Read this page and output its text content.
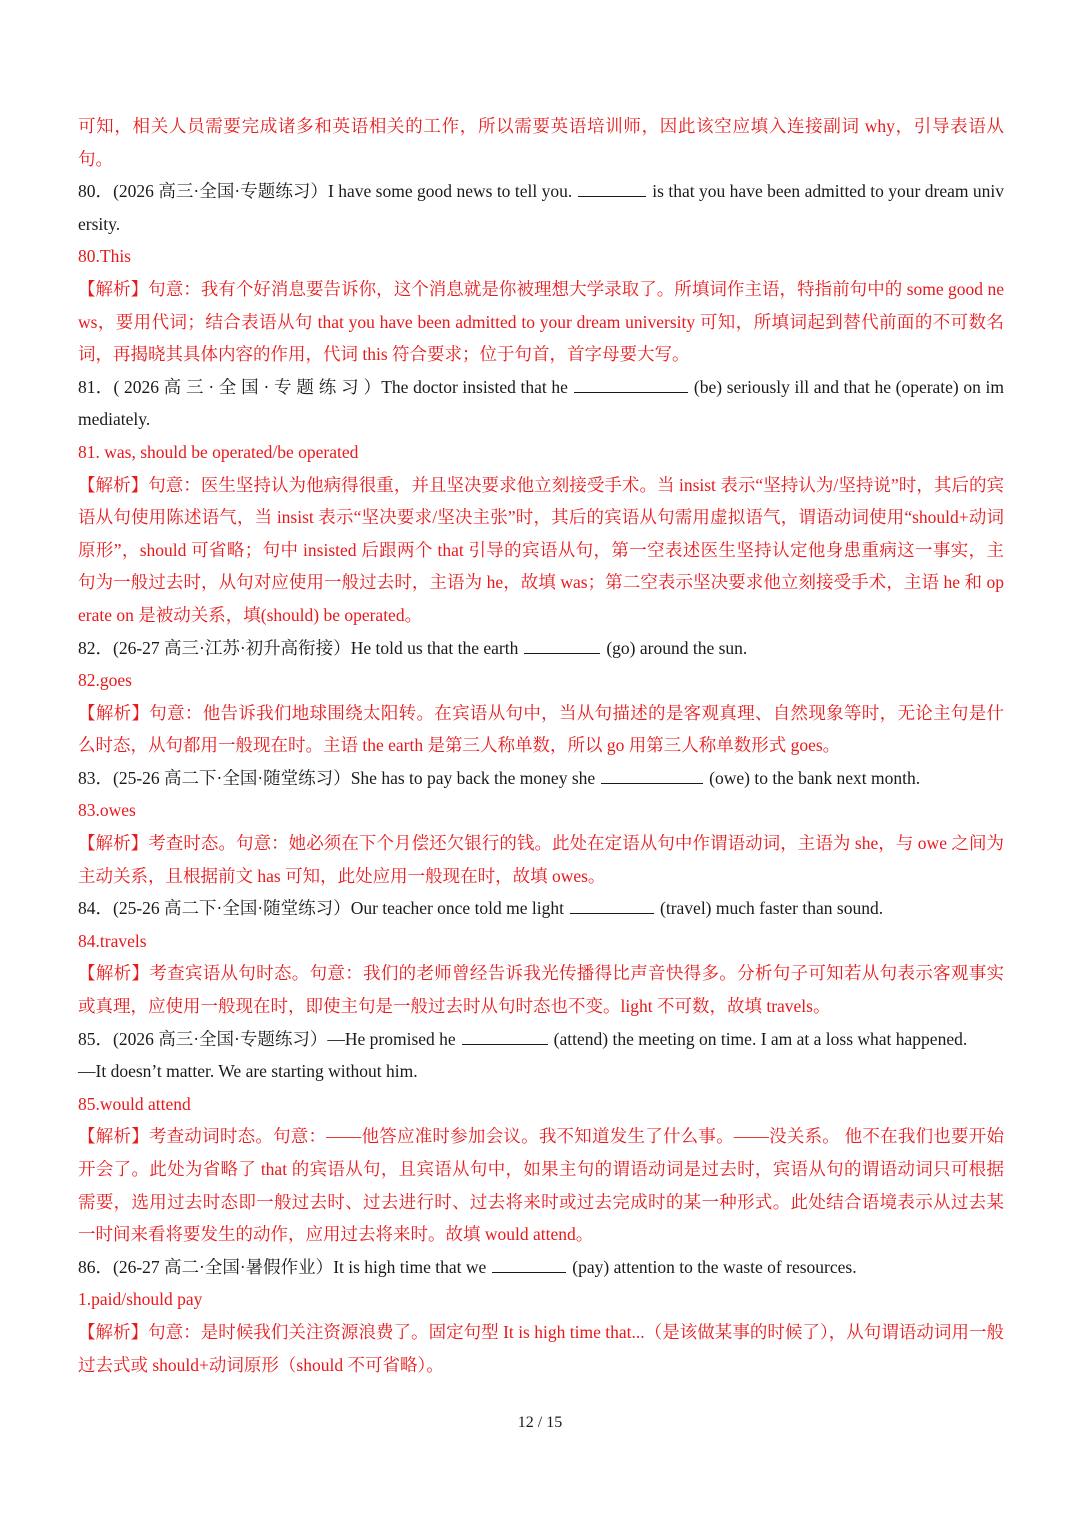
可知，相关人员需要完成诸多和英语相关的工作，所以需要英语培训师，因此该空应填入连接副词 why，引导表语从句。
80．(2026 高三·全国·专题练习）I have some good news to tell you.	is that you have been admitted to your dream university.
80.This
【解析】句意：我有个好消息要告诉你，这个消息就是你被理想大学录取了。所填词作主语，特指前句中的 some good news，要用代词；结合表语从句 that you have been admitted to your dream university 可知，所填词起到替代前面的不可数名词，再揭晓其具体内容的作用，代词 this 符合要求；位于句首，首字母要大写。
81．( 2026 高 三 · 全 国 · 专 题 练 习 ）The doctor insisted that he	(be) seriously ill and that he (operate) on immediately.
81. was, should be operated/be operated
【解析】句意：医生坚持认为他病得很重，并且坚决要求他立刻接受手术。当 insist 表示“坚持认为/坚持说”时，其后的宾语从句使用陈述语气，当 insist 表示“坚决要求/坚决主张”时，其后的宾语从句需用虚拟语气，谓语动词使用“should+动词原形”，should 可省略；句中 insisted 后跟两个 that 引导的宾语从句，第一空表述医生坚持认定他身患重病这一事实，主句为一般过去时，从句对应使用一般过去时，主语为 he，故填 was；第二空表示坚决要求他立刻接受手术，主语 he 和 operate on 是被动关系，填(should) be operated。
82．(26-27 高三·江苏·初升高衔接）He told us that the earth	(go) around the sun.
82.goes
【解析】句意：他告诉我们地球围绕太阳转。在宾语从句中，当从句描述的是客观真理、自然现象等时，无论主句是什么时态，从句都用一般现在时。主语 the earth 是第三人称单数，所以 go 用第三人称单数形式 goes。
83．(25-26 高二下·全国·随堂练习）She has to pay back the money she	(owe) to the bank next month.
83.owes
【解析】考查时态。句意：她必须在下个月偿还欠银行的钱。此处在定语从句中作谓语动词，主语为 she，与 owe 之间为主动关系，且根据前文 has 可知，此处应用一般现在时，故填 owes。
84．(25-26 高二下·全国·随堂练习）Our teacher once told me light	(travel) much faster than sound.
84.travels
【解析】考查宾语从句时态。句意：我们的老师曾经告诉我光传播得比声音快得多。分析句子可知若从句表示客观事实或真理，应使用一般现在时，即使主句是一般过去时从句时态也不变。light 不可数，故填 travels。
85．(2026 高三·全国·专题练习）—He promised he	(attend) the meeting on time. I am at a loss what happened.
—It doesn’t matter. We are starting without him.
85.would attend
【解析】考查动词时态。句意：——他答应准时参加会议。我不知道发生了什么事。——没关系。 他不在我们也要开始开会了。此处为省略了 that 的宾语从句，且宾语从句中，如果主句的谓语动词是过去时，宾语从句的谓语动词只可根据需要，选用过去时态即一般过去时、过去进行时、过去将来时或过去完成时的某一种形式。此处结合语境表示从过去某一时间来看将要发生的动作，应用过去将来时。故填 would attend。
86．(26-27 高二·全国·暑假作业）It is high time that we	(pay) attention to the waste of resources.
1.paid/should pay
【解析】句意：是时候我们关注资源浪费了。固定句型 It is high time that...（是该做某事的时候了），从句谓语动词用一般过去式或 should+动词原形（should 不可省略）。
12 / 15
